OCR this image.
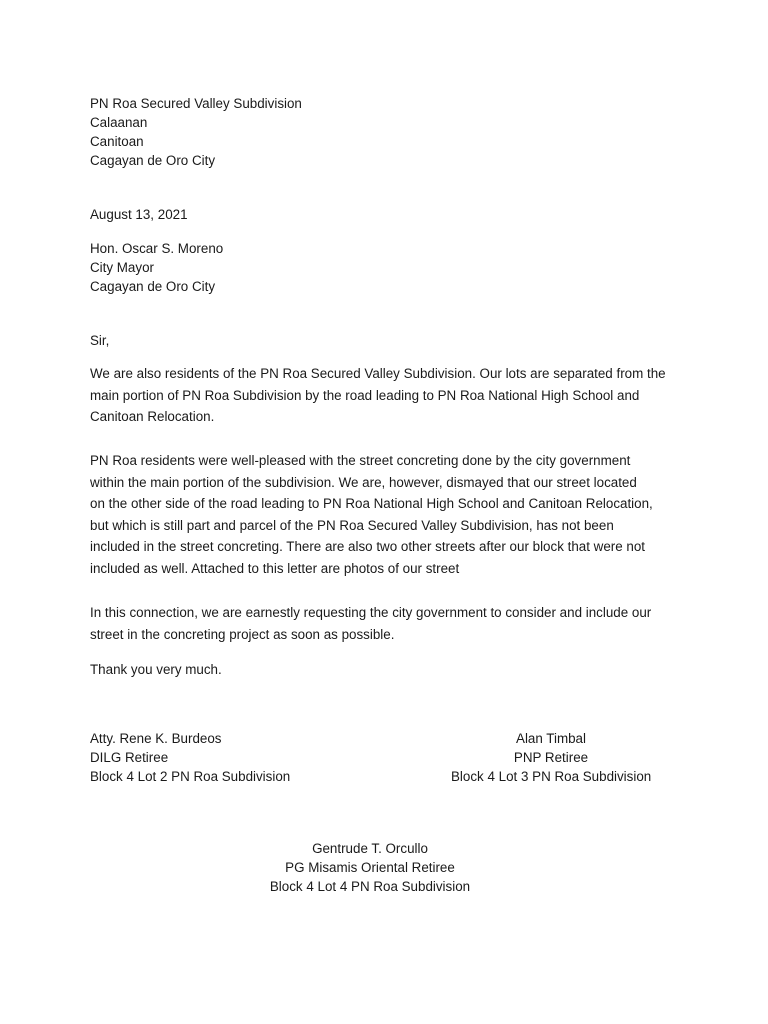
PN Roa Secured Valley Subdivision
Calaanan
Canitoan
Cagayan de Oro City
August 13, 2021
Hon. Oscar S. Moreno
City Mayor
Cagayan de Oro City
Sir,
We are also residents of the PN Roa Secured Valley Subdivision. Our lots are separated from the
main portion of PN Roa Subdivision by the road leading to PN Roa National High School and
Canitoan Relocation.
PN Roa residents were well-pleased with the street concreting done by the city government
within the main portion of the subdivision. We are, however, dismayed that our street located
on the other side of the road leading to PN Roa National High School and Canitoan Relocation,
but which is still part and parcel of the PN Roa Secured Valley Subdivision, has not been
included in the street concreting. There are also two other streets after our block that were not
included as well. Attached to this letter are photos of our street
In this connection, we are earnestly requesting the city government to consider and include our
street in the concreting project as soon as possible.
Thank you very much.
Atty. Rene K. Burdeos
DILG Retiree
Block 4 Lot 2 PN Roa Subdivision
Alan Timbal
PNP Retiree
Block 4 Lot 3 PN Roa Subdivision
Gentrude T. Orcullo
PG Misamis Oriental Retiree
Block 4 Lot 4 PN Roa Subdivision
